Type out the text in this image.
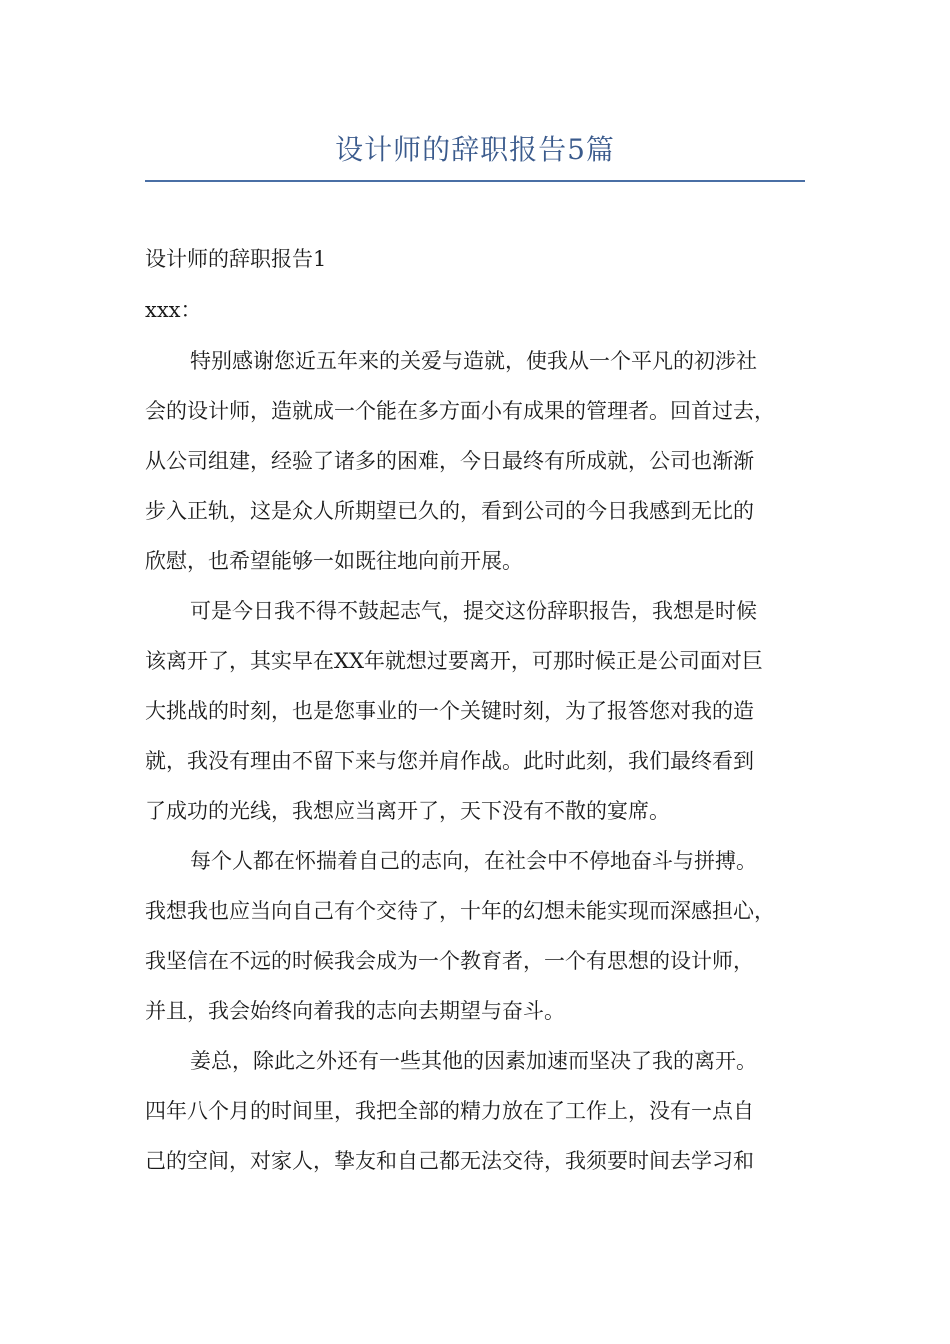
设计师的辞职报告5篇
设计师的辞职报告1
xxx：
特别感谢您近五年来的关爱与造就，使我从一个平凡的初涉社
会的设计师，造就成一个能在多方面小有成果的管理者。回首过去，
从公司组建，经验了诸多的困难，今日最终有所成就，公司也渐渐
步入正轨，这是众人所期望已久的，看到公司的今日我感到无比的
欣慰，也希望能够一如既往地向前开展。
可是今日我不得不鼓起志气，提交这份辞职报告，我想是时候
该离开了，其实早在XX年就想过要离开，可那时候正是公司面对巨
大挑战的时刻，也是您事业的一个关键时刻，为了报答您对我的造
就，我没有理由不留下来与您并肩作战。此时此刻，我们最终看到
了成功的光线，我想应当离开了，天下没有不散的宴席。
每个人都在怀揣着自己的志向，在社会中不停地奋斗与拼搏。
我想我也应当向自己有个交待了，十年的幻想未能实现而深感担心，
我坚信在不远的时候我会成为一个教育者，一个有思想的设计师，
并且，我会始终向着我的志向去期望与奋斗。
姜总，除此之外还有一些其他的因素加速而坚决了我的离开。
四年八个月的时间里，我把全部的精力放在了工作上，没有一点自
己的空间，对家人，挚友和自己都无法交待，我须要时间去学习和
